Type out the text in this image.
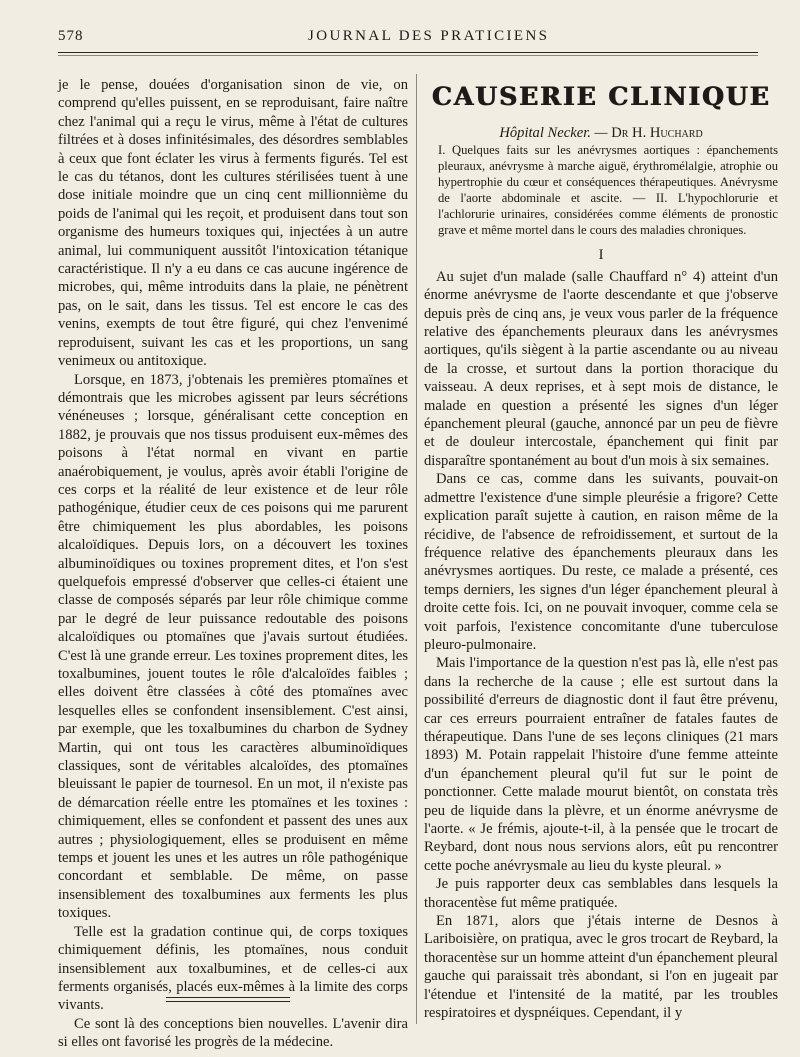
578	JOURNAL DES PRATICIENS

je le pense, douées d'organisation sinon de vie, on comprend qu'elles puissent, en se reproduisant, faire naître chez l'animal qui a reçu le virus, même à l'état de cultures filtrées et à doses infinitésimales, des désordres semblables à ceux que font éclater les virus à ferments figurés. Tel est le cas du tétanos, dont les cultures stérilisées tuent à une dose initiale moindre que un cinq cent millionnième du poids de l'animal qui les reçoit, et produisent dans tout son organisme des humeurs toxiques qui, injectées à un autre animal, lui communiquent aussitôt l'intoxication tétanique caractéristique. Il n'y a eu dans ce cas aucune ingérence de microbes, qui, même introduits dans la plaie, ne pénètrent pas, on le sait, dans les tissus. Tel est encore le cas des venins, exempts de tout être figuré, qui chez l'envenimé reproduisent, suivant les cas et les proportions, un sang venimeux ou antitoxique.

Lorsque, en 1873, j'obtenais les premières ptomaïnes et démontrais que les microbes agissent par leurs sécrétions vénéneuses ; lorsque, généralisant cette conception en 1882, je prouvais que nos tissus produisent eux-mêmes des poisons à l'état normal en vivant en partie anaérobiquement, je voulus, après avoir établi l'origine de ces corps et la réalité de leur existence et de leur rôle pathogénique, étudier ceux de ces poisons qui me parurent être chimiquement les plus abordables, les poisons alcaloïdiques. Depuis lors, on a découvert les toxines albuminoïdiques ou toxines proprement dites, et l'on s'est quelquefois empressé d'observer que celles-ci étaient une classe de composés séparés par leur rôle chimique comme par le degré de leur puissance redoutable des poisons alcaloïdiques ou ptomaïnes que j'avais surtout étudiées. C'est là une grande erreur. Les toxines proprement dites, les toxalbumines, jouent toutes le rôle d'alcaloïdes faibles ; elles doivent être classées à côté des ptomaïnes avec lesquelles elles se confondent insensiblement. C'est ainsi, par exemple, que les toxalbumines du charbon de Sydney Martin, qui ont tous les caractères albuminoïdiques classiques, sont de véritables alcaloïdes, des ptomaïnes bleuissant le papier de tournesol. En un mot, il n'existe pas de démarcation réelle entre les ptomaïnes et les toxines : chimiquement, elles se confondent et passent des unes aux autres ; physiologiquement, elles se produisent en même temps et jouent les unes et les autres un rôle pathogénique concordant et semblable. De même, on passe insensiblement des toxalbumines aux ferments les plus toxiques.

Telle est la gradation continue qui, de corps toxiques chimiquement définis, les ptomaïnes, nous conduit insensiblement aux toxalbumines, et de celles-ci aux ferments organisés, placés eux-mêmes à la limite des corps vivants.

Ce sont là des conceptions bien nouvelles. L'avenir dira si elles ont favorisé les progrès de la médecine.

CAUSERIE CLINIQUE

Hôpital Necker. — Dr H. Huchard

I. Quelques faits sur les anévrysmes aortiques : épanchements pleuraux, anévrysme à marche aiguë, érythromélalgie, atrophie ou hypertrophie du cœur et conséquences thérapeutiques. Anévrysme de l'aorte abdominale et ascite. — II. L'hypochlorurie et l'achlorurie urinaires, considérées comme éléments de pronostic grave et même mortel dans le cours des maladies chroniques.

I

Au sujet d'un malade (salle Chauffard n° 4) atteint d'un énorme anévrysme de l'aorte descendante et que j'observe depuis près de cinq ans, je veux vous parler de la fréquence relative des épanchements pleuraux dans les anévrysmes aortiques, qu'ils siègent à la partie ascendante ou au niveau de la crosse, et surtout dans la portion thoracique du vaisseau. A deux reprises, et à sept mois de distance, le malade en question a présenté les signes d'un léger épanchement pleural (gauche, annoncé par un peu de fièvre et de douleur intercostale, épanchement qui finit par disparaître spontanément au bout d'un mois à six semaines.

Dans ce cas, comme dans les suivants, pouvait-on admettre l'existence d'une simple pleurésie a frigore? Cette explication paraît sujette à caution, en raison même de la récidive, de l'absence de refroidissement, et surtout de la fréquence relative des épanchements pleuraux dans les anévrysmes aortiques. Du reste, ce malade a présenté, ces temps derniers, les signes d'un léger épanchement pleural à droite cette fois. Ici, on ne pouvait invoquer, comme cela se voit parfois, l'existence concomitante d'une tuberculose pleuro-pulmonaire.

Mais l'importance de la question n'est pas là, elle n'est pas dans la recherche de la cause ; elle est surtout dans la possibilité d'erreurs de diagnostic dont il faut être prévenu, car ces erreurs pourraient entraîner de fatales fautes de thérapeutique. Dans l'une de ses leçons cliniques (21 mars 1893) M. Potain rappelait l'histoire d'une femme atteinte d'un épanchement pleural qu'il fut sur le point de ponctionner. Cette malade mourut bientôt, on constata très peu de liquide dans la plèvre, et un énorme anévrysme de l'aorte. « Je frémis, ajoute-t-il, à la pensée que le trocart de Reybard, dont nous nous servions alors, eût pu rencontrer cette poche anévrysmale au lieu du kyste pleural. »

Je puis rapporter deux cas semblables dans lesquels la thoracentèse fut même pratiquée.

En 1871, alors que j'étais interne de Desnos à Lariboisière, on pratiqua, avec le gros trocart de Reybard, la thoracentèse sur un homme atteint d'un épanchement pleural gauche qui paraissait très abondant, si l'on en jugeait par l'étendue et l'intensité de la matité, par les troubles respiratoires et dyspnéiques. Cependant, il y
